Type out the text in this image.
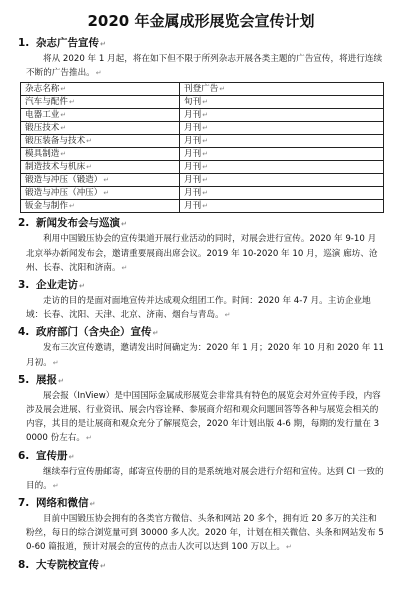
2020 年金属成形展览会宣传计划
1. 杂志广告宣传↵
将从 2020 年 1 月起，将在如下但不限于所列杂志开展各类主题的广告宣传，将进行连续不断的广告推出。↵
杂志名称↵	刊登广告↵
汽车与配件↵	旬刊↵
电器工业↵	月刊↵
锻压技术↵	月刊↵
锻压装备与技术↵	月刊↵
模具制造↵	月刊↵
制造技术与机床↵	月刊↵
锻造与冲压（锻造）↵	月刊↵
锻造与冲压（冲压）↵	月刊↵
钣金与制作↵	月刊↵
2. 新闻发布会与巡演↵
利用中国锻压协会的宣传渠道开展行业活动的同时，对展会进行宣传。2020 年 9-10 月北京举办新闻发布会，邀请重要展商出席会议。2019 年 10-2020 年 10 月，巡演 廊坊、沧州、长春、沈阳和济南。↵
3. 企业走访↵
走访的目的是面对面地宣传并达成观众组团工作。时间：2020 年 4-7 月。主访企业地域：长春、沈阳、天津、北京、济南、烟台与青岛。↵
4. 政府部门（含央企）宣传↵
发布三次宣传邀请，邀请发出时间确定为：2020 年 1 月；2020 年 10 月和 2020 年 11 月初。↵
5. 展报↵
展会报（InView）是中国国际金属成形展览会非常具有特色的展览会对外宣传手段，内容涉及展会进展、行业资讯、展会内容诠释、参展商介绍和观众问题回答等各种与展览会相关的内容，其目的是让展商和观众充分了解展览会，2020 年计划出版 4-6 期，每期的发行量在 30000 份左右。↵
6. 宣传册↵
继续奉行宣传册邮寄，邮寄宣传册的目的是系统地对展会进行介绍和宣传。达到 CI 一致的目的。↵
7. 网络和微信↵
目前中国锻压协会拥有的各类官方微信、头条和网站 20 多个，拥有近 20 多万的关注和粉丝，每日的综合浏览量可到 30000 多人次。2020 年，计划在相关微信、头条和网站发布 50-60 篇报道，预计对展会的宣传的点击人次可以达到 100 万以上。↵
8. 大专院校宣传↵
